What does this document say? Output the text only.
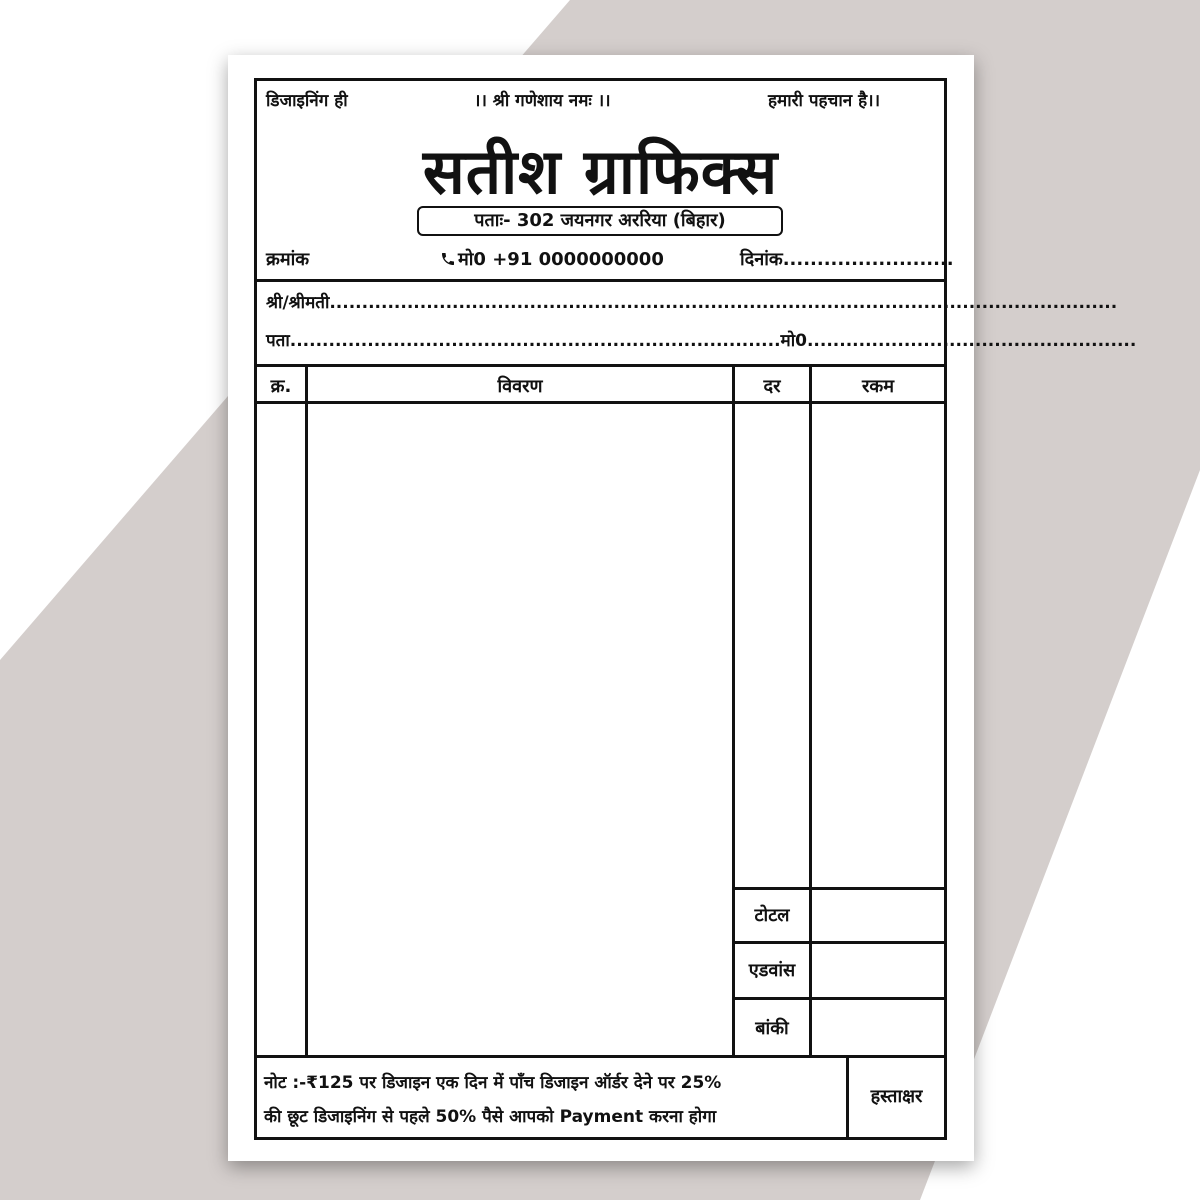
डिजाइनिंग ही	।। श्री गणेशाय नमः ।।	हमारी पहचान है।।
सतीश ग्राफिक्स
पताः- 302 जयनगर अररिया (बिहार)
क्रमांक	मो0 +91 0000000000	दिनांक.........................
श्री/श्रीमती..........................................................................................................................
पता............................................................................मो0...................................................
क्र.	विवरण	दर	रकम
टोटल
एडवांस
बांकी
नोट :-₹125 पर डिजाइन एक दिन में पाँच डिजाइन ऑर्डर देने पर 25%
की छूट डिजाइनिंग से पहले 50% पैसे आपको Payment करना होगा
हस्ताक्षर
